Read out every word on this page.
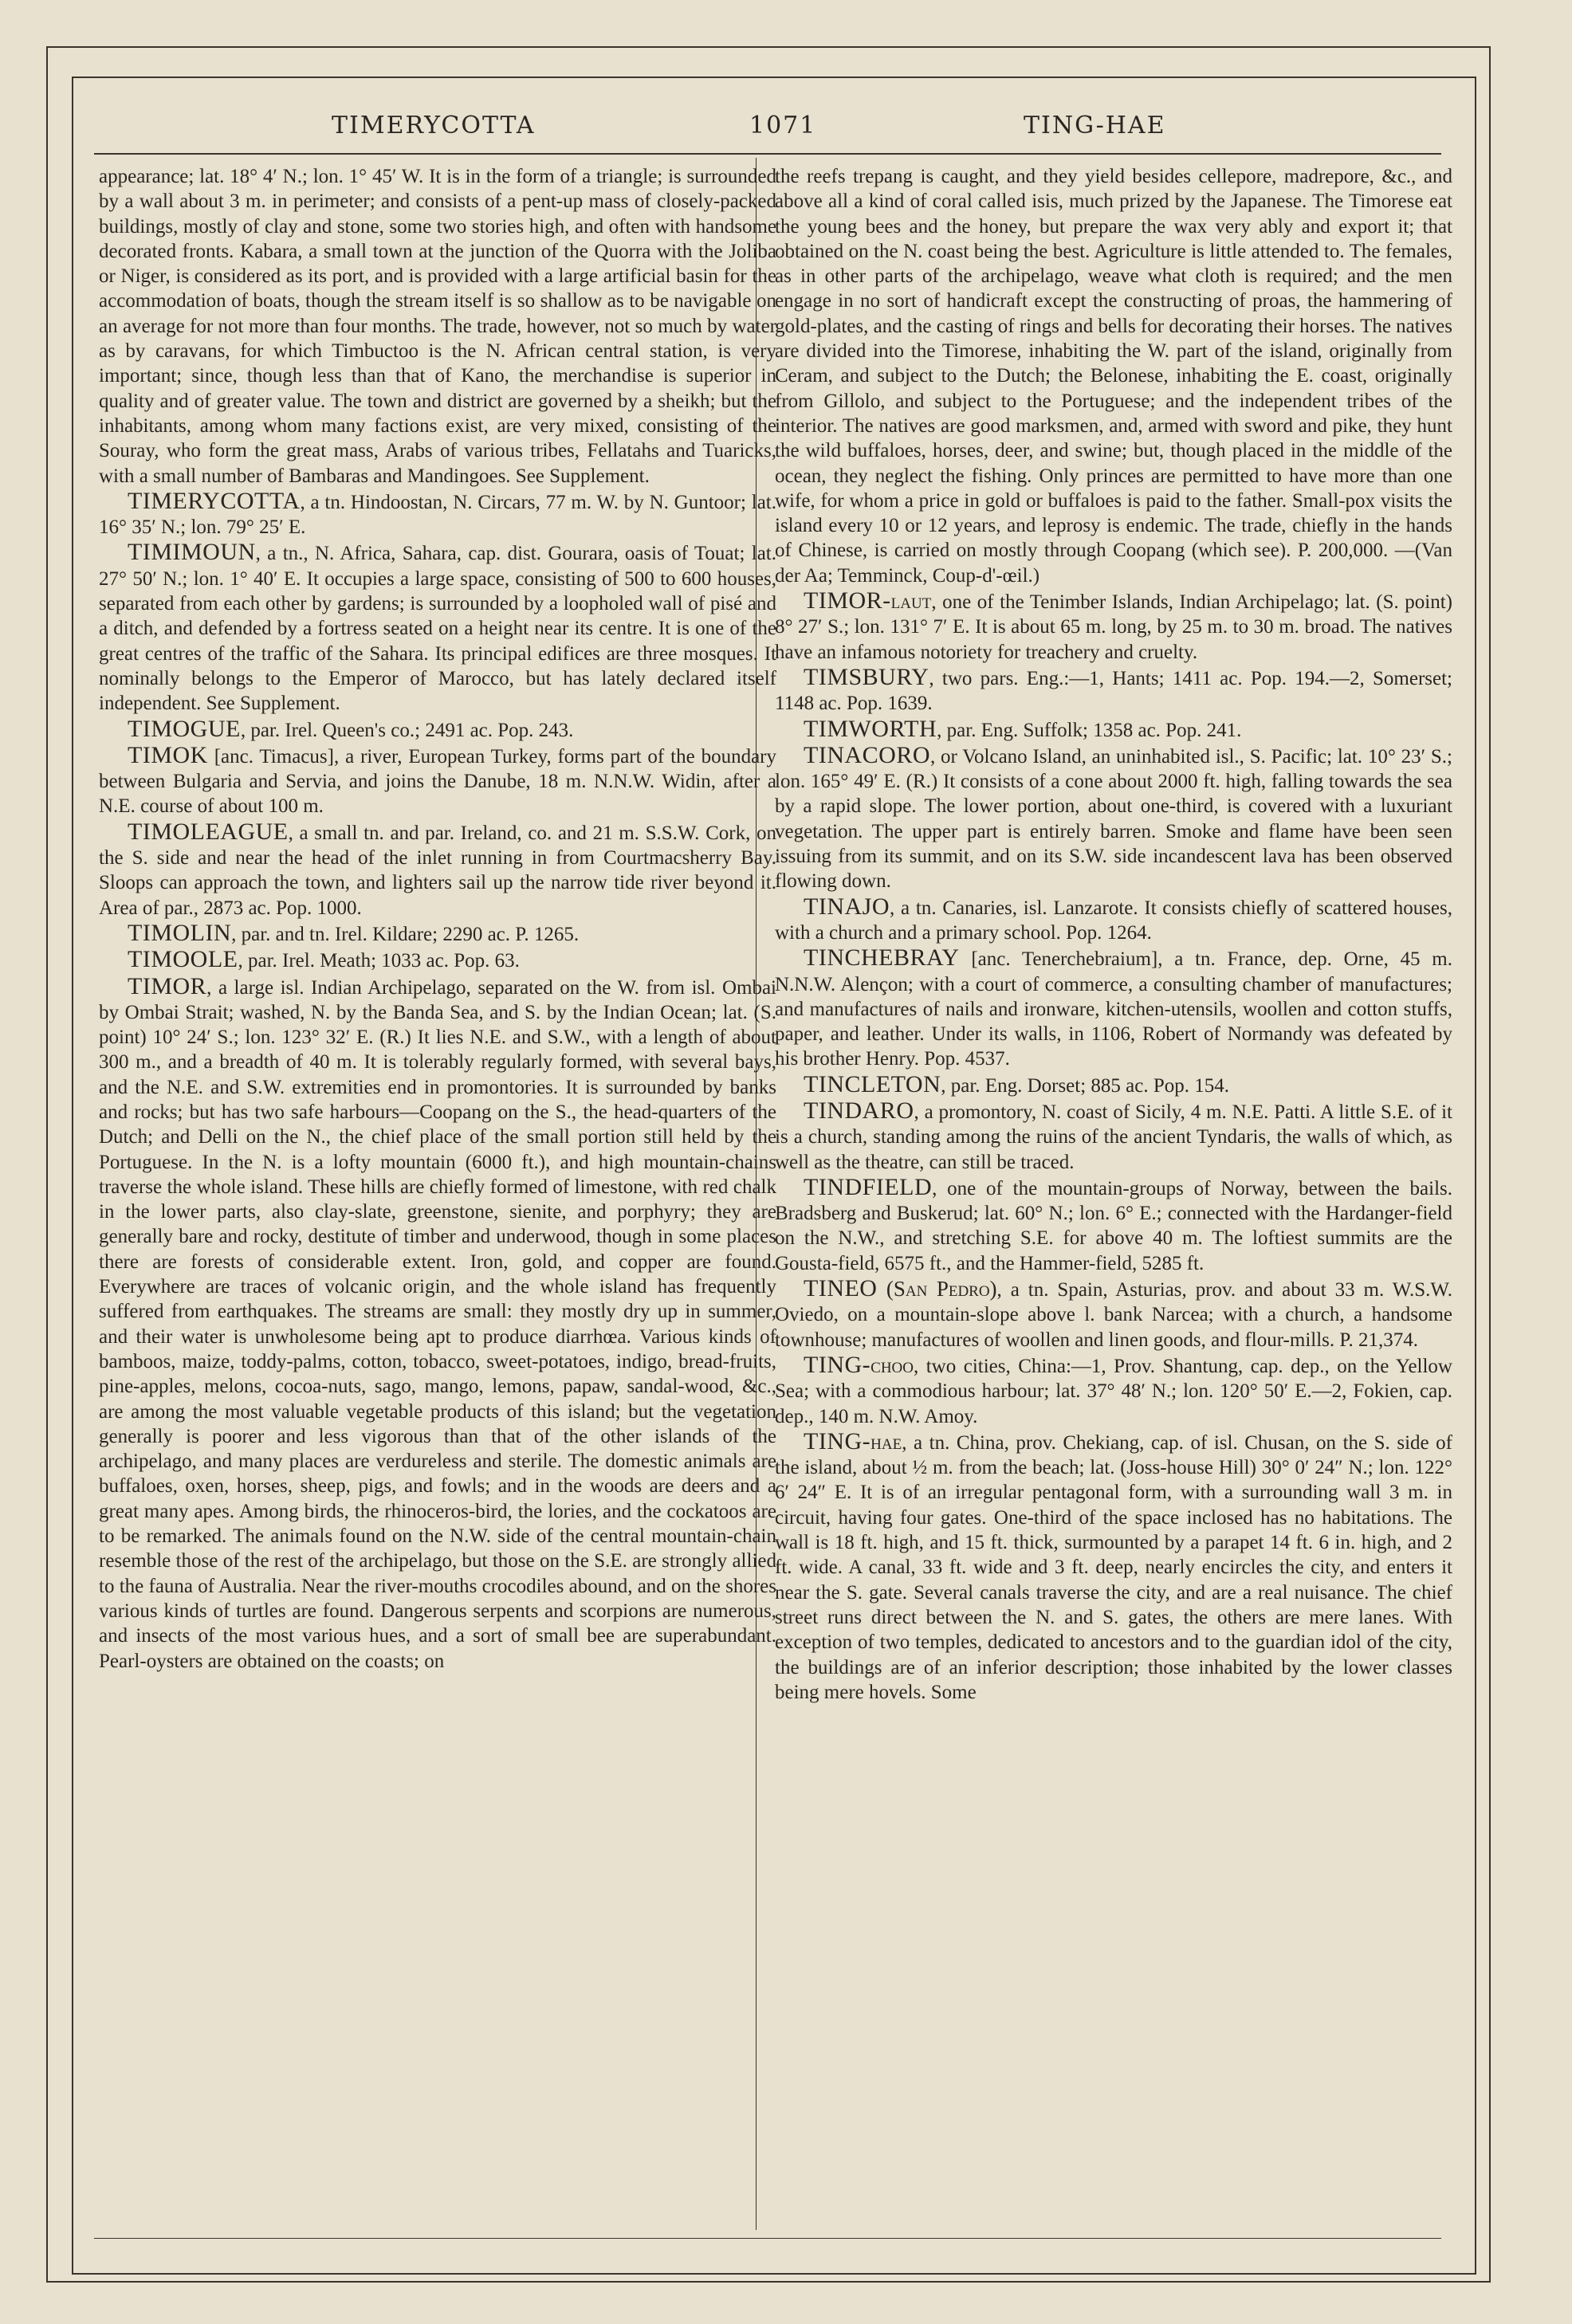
TIMERYCOTTA	1071	TING-HAE

appearance; lat. 18° 4′ N.; lon. 1° 45′ W. It is in the form of a triangle; is surrounded by a wall about 3 m. in perimeter; and consists of a pent-up mass of closely-packed buildings, mostly of clay and stone, some two stories high, and often with handsome decorated fronts. Kabara, a small town at the junction of the Quorra with the Joliba or Niger, is considered as its port, and is provided with a large artificial basin for the accommodation of boats, though the stream itself is so shallow as to be navigable on an average for not more than four months. The trade, however, not so much by water as by caravans, for which Timbuctoo is the N. African central station, is very important; since, though less than that of Kano, the merchandise is superior in quality and of greater value. The town and district are governed by a sheikh; but the inhabitants, among whom many factions exist, are very mixed, consisting of the Souray, who form the great mass, Arabs of various tribes, Fellatahs and Tuaricks, with a small number of Bambaras and Mandingoes. See Supplement.

TIMERYCOTTA, a tn. Hindoostan, N. Circars, 77 m. W. by N. Guntoor; lat. 16° 35′ N.; lon. 79° 25′ E.

TIMIMOUN, a tn., N. Africa, Sahara, cap. dist. Gourara, oasis of Touat; lat. 27° 50′ N.; lon. 1° 40′ E. It occupies a large space, consisting of 500 to 600 houses, separated from each other by gardens; is surrounded by a loopholed wall of pisé and a ditch, and defended by a fortress seated on a height near its centre. It is one of the great centres of the traffic of the Sahara. Its principal edifices are three mosques. It nominally belongs to the Emperor of Marocco, but has lately declared itself independent. See Supplement.

TIMOGUE, par. Irel. Queen's co.; 2491 ac. Pop. 243.

TIMOK [anc. Timacus], a river, European Turkey, forms part of the boundary between Bulgaria and Servia, and joins the Danube, 18 m. N.N.W. Widin, after a N.E. course of about 100 m.

TIMOLEAGUE, a small tn. and par. Ireland, co. and 21 m. S.S.W. Cork, on the S. side and near the head of the inlet running in from Courtmacsherry Bay. Sloops can approach the town, and lighters sail up the narrow tide river beyond it. Area of par., 2873 ac. Pop. 1000.

TIMOLIN, par. and tn. Irel. Kildare; 2290 ac. P. 1265.

TIMOOLE, par. Irel. Meath; 1033 ac. Pop. 63.

TIMOR, a large isl. Indian Archipelago, separated on the W. from isl. Ombai by Ombai Strait; washed, N. by the Banda Sea, and S. by the Indian Ocean; lat. (S. point) 10° 24′ S.; lon. 123° 32′ E. (R.) It lies N.E. and S.W., with a length of about 300 m., and a breadth of 40 m. It is tolerably regularly formed, with several bays, and the N.E. and S.W. extremities end in promontories. It is surrounded by banks and rocks; but has two safe harbours—Coopang on the S., the head-quarters of the Dutch; and Delli on the N., the chief place of the small portion still held by the Portuguese. In the N. is a lofty mountain (6000 ft.), and high mountain-chains traverse the whole island. These hills are chiefly formed of limestone, with red chalk in the lower parts, also clay-slate, greenstone, sienite, and porphyry; they are generally bare and rocky, destitute of timber and underwood, though in some places there are forests of considerable extent. Iron, gold, and copper are found. Everywhere are traces of volcanic origin, and the whole island has frequently suffered from earthquakes. The streams are small: they mostly dry up in summer, and their water is unwholesome being apt to produce diarrhœa. Various kinds of bamboos, maize, toddy-palms, cotton, tobacco, sweet-potatoes, indigo, bread-fruits, pine-apples, melons, cocoa-nuts, sago, mango, lemons, papaw, sandal-wood, &c., are among the most valuable vegetable products of this island; but the vegetation generally is poorer and less vigorous than that of the other islands of the archipelago, and many places are verdureless and sterile. The domestic animals are buffaloes, oxen, horses, sheep, pigs, and fowls; and in the woods are deers and a great many apes. Among birds, the rhinoceros-bird, the lories, and the cockatoos are to be remarked. The animals found on the N.W. side of the central mountain-chain resemble those of the rest of the archipelago, but those on the S.E. are strongly allied to the fauna of Australia. Near the river-mouths crocodiles abound, and on the shores various kinds of turtles are found. Dangerous serpents and scorpions are numerous, and insects of the most various hues, and a sort of small bee are superabundant. Pearl-oysters are obtained on the coasts; on

the reefs trepang is caught, and they yield besides cellepore, madrepore, &c., and above all a kind of coral called isis, much prized by the Japanese. The Timorese eat the young bees and the honey, but prepare the wax very ably and export it; that obtained on the N. coast being the best. Agriculture is little attended to. The females, as in other parts of the archipelago, weave what cloth is required; and the men engage in no sort of handicraft except the constructing of proas, the hammering of gold-plates, and the casting of rings and bells for decorating their horses. The natives are divided into the Timorese, inhabiting the W. part of the island, originally from Ceram, and subject to the Dutch; the Belonese, inhabiting the E. coast, originally from Gillolo, and subject to the Portuguese; and the independent tribes of the interior. The natives are good marksmen, and, armed with sword and pike, they hunt the wild buffaloes, horses, deer, and swine; but, though placed in the middle of the ocean, they neglect the fishing. Only princes are permitted to have more than one wife, for whom a price in gold or buffaloes is paid to the father. Small-pox visits the island every 10 or 12 years, and leprosy is endemic. The trade, chiefly in the hands of Chinese, is carried on mostly through Coopang (which see). P. 200,000. —(Van der Aa; Temminck, Coup-d'-œil.)

TIMOR-laut, one of the Tenimber Islands, Indian Archipelago; lat. (S. point) 8° 27′ S.; lon. 131° 7′ E. It is about 65 m. long, by 25 m. to 30 m. broad. The natives have an infamous notoriety for treachery and cruelty.

TIMSBURY, two pars. Eng.:—1, Hants; 1411 ac. Pop. 194.—2, Somerset; 1148 ac. Pop. 1639.

TIMWORTH, par. Eng. Suffolk; 1358 ac. Pop. 241.

TINACORO, or Volcano Island, an uninhabited isl., S. Pacific; lat. 10° 23′ S.; lon. 165° 49′ E. (R.) It consists of a cone about 2000 ft. high, falling towards the sea by a rapid slope. The lower portion, about one-third, is covered with a luxuriant vegetation. The upper part is entirely barren. Smoke and flame have been seen issuing from its summit, and on its S.W. side incandescent lava has been observed flowing down.

TINAJO, a tn. Canaries, isl. Lanzarote. It consists chiefly of scattered houses, with a church and a primary school. Pop. 1264.

TINCHEBRAY [anc. Tenerchebraium], a tn. France, dep. Orne, 45 m. N.N.W. Alençon; with a court of commerce, a consulting chamber of manufactures; and manufactures of nails and ironware, kitchen-utensils, woollen and cotton stuffs, paper, and leather. Under its walls, in 1106, Robert of Normandy was defeated by his brother Henry. Pop. 4537.

TINCLETON, par. Eng. Dorset; 885 ac. Pop. 154.

TINDARO, a promontory, N. coast of Sicily, 4 m. N.E. Patti. A little S.E. of it is a church, standing among the ruins of the ancient Tyndaris, the walls of which, as well as the theatre, can still be traced.

TINDFIELD, one of the mountain-groups of Norway, between the bails. Bradsberg and Buskerud; lat. 60° N.; lon. 6° E.; connected with the Hardanger-field on the N.W., and stretching S.E. for above 40 m. The loftiest summits are the Gousta-field, 6575 ft., and the Hammer-field, 5285 ft.

TINEO (San Pedro), a tn. Spain, Asturias, prov. and about 33 m. W.S.W. Oviedo, on a mountain-slope above l. bank Narcea; with a church, a handsome townhouse; manufactures of woollen and linen goods, and flour-mills. P. 21,374.

TING-choo, two cities, China:—1, Prov. Shantung, cap. dep., on the Yellow Sea; with a commodious harbour; lat. 37° 48′ N.; lon. 120° 50′ E.—2, Fokien, cap. dep., 140 m. N.W. Amoy.

TING-hae, a tn. China, prov. Chekiang, cap. of isl. Chusan, on the S. side of the island, about ½ m. from the beach; lat. (Joss-house Hill) 30° 0′ 24″ N.; lon. 122° 6′ 24″ E. It is of an irregular pentagonal form, with a surrounding wall 3 m. in circuit, having four gates. One-third of the space inclosed has no habitations. The wall is 18 ft. high, and 15 ft. thick, surmounted by a parapet 14 ft. 6 in. high, and 2 ft. wide. A canal, 33 ft. wide and 3 ft. deep, nearly encircles the city, and enters it near the S. gate. Several canals traverse the city, and are a real nuisance. The chief street runs direct between the N. and S. gates, the others are mere lanes. With exception of two temples, dedicated to ancestors and to the guardian idol of the city, the buildings are of an inferior description; those inhabited by the lower classes being mere hovels. Some
